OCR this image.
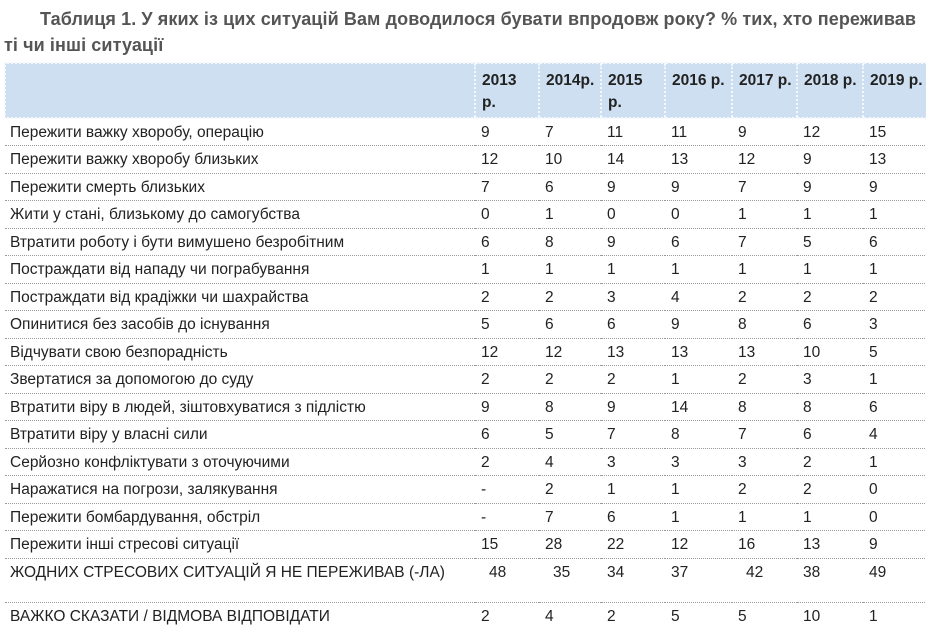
Таблиця 1. У яких із цих ситуацій Вам доводилося бувати впродовж року? % тих, хто переживав ті чи інші ситуації
	2013 р.	2014р.	2015 р.	2016 р.	2017 р.	2018 р.	2019 р.
Пережити важку хворобу, операцію	9	7	11	11	9	12	15
Пережити важку хворобу близьких	12	10	14	13	12	9	13
Пережити смерть близьких	7	6	9	9	7	9	9
Жити у стані, близькому до самогубства	0	1	0	0	1	1	1
Втратити роботу і бути вимушено безробітним	6	8	9	6	7	5	6
Постраждати від нападу чи пограбування	1	1	1	1	1	1	1
Постраждати від крадіжки чи шахрайства	2	2	3	4	2	2	2
Опинитися без засобів до існування	5	6	6	9	8	6	3
Відчувати свою безпорадність	12	12	13	13	13	10	5
Звертатися за допомогою до суду	2	2	2	1	2	3	1
Втратити віру в людей, зіштовхуватися з підлістю	9	8	9	14	8	8	6
Втратити віру у власні сили	6	5	7	8	7	6	4
Серйозно конфліктувати з оточуючими	2	4	3	3	3	2	1
Наражатися на погрози, залякування	-	2	1	1	2	2	0
Пережити бомбардування, обстріл	-	7	6	1	1	1	0
Пережити інші стресові ситуації	15	28	22	12	16	13	9
ЖОДНИХ СТРЕСОВИХ СИТУАЦІЙ Я НЕ ПЕРЕЖИВАВ (-ЛА)	48	35	34	37	42	38	49
ВАЖКО СКАЗАТИ / ВІДМОВА ВІДПОВІДАТИ	2	4	2	5	5	10	1
